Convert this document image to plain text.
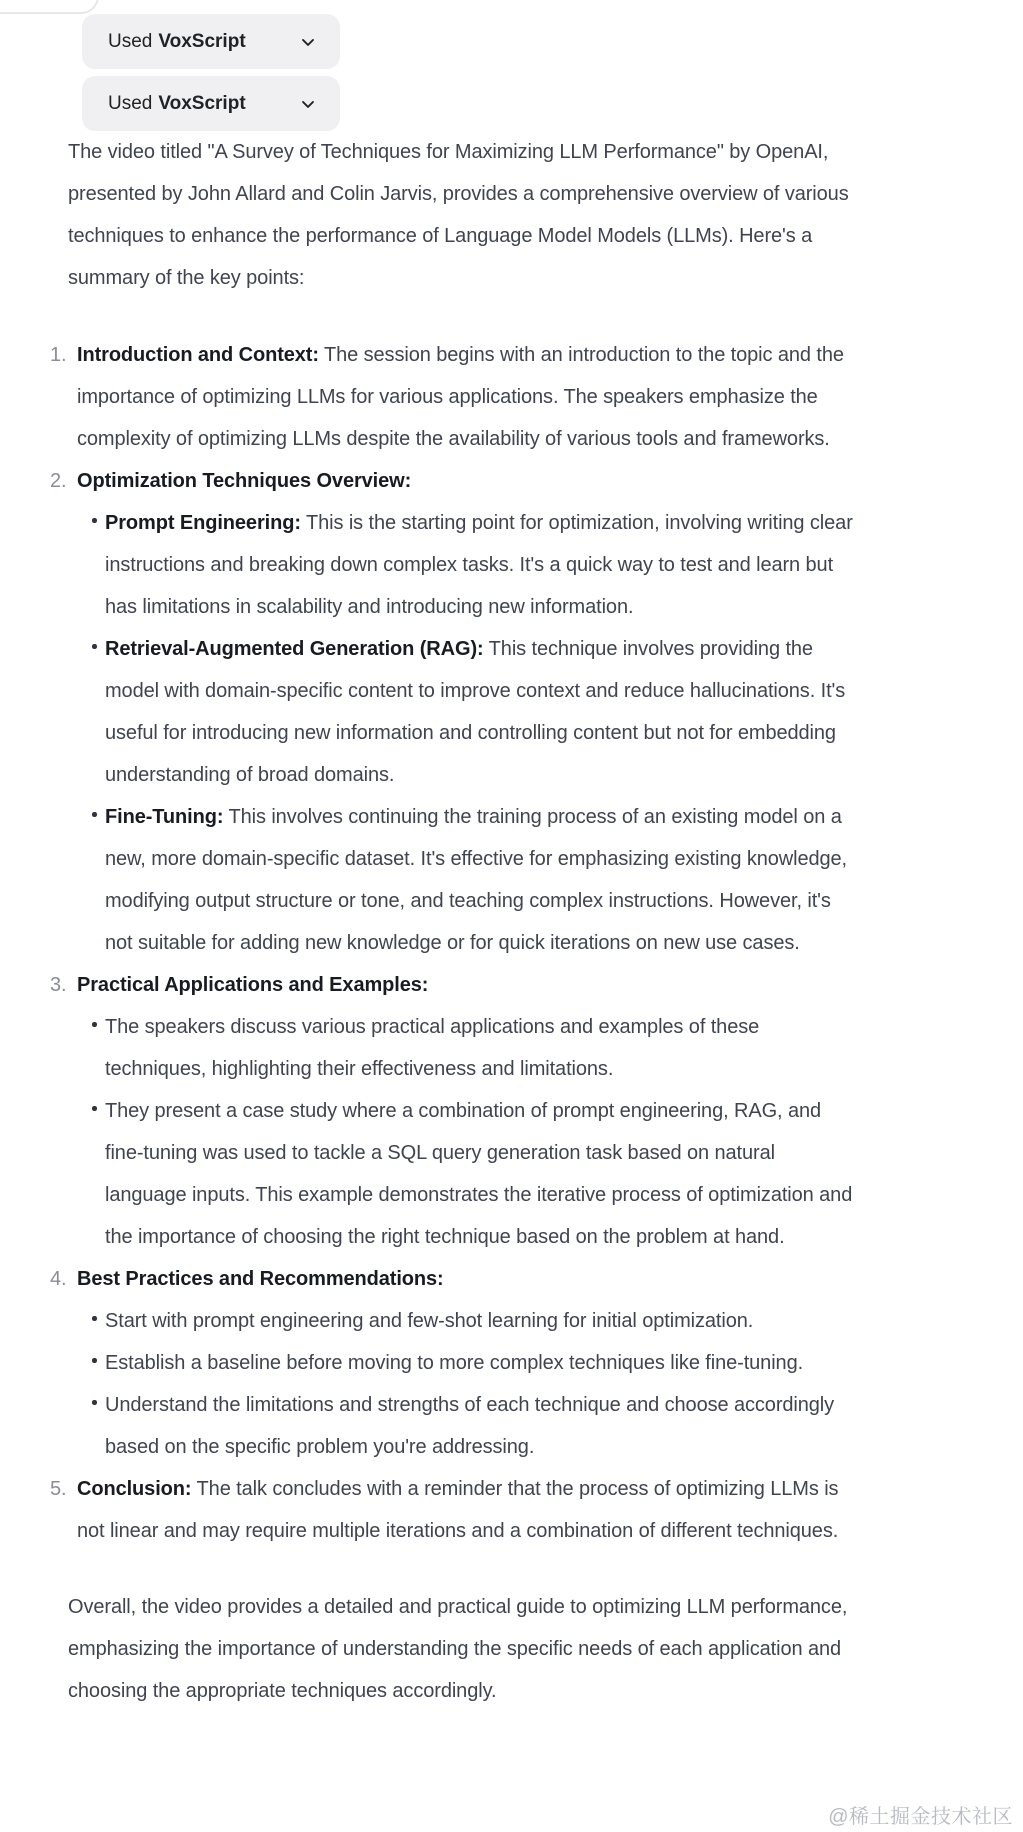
Used VoxScript
Used VoxScript

The video titled "A Survey of Techniques for Maximizing LLM Performance" by OpenAI, presented by John Allard and Colin Jarvis, provides a comprehensive overview of various techniques to enhance the performance of Language Model Models (LLMs). Here's a summary of the key points:

1. Introduction and Context: The session begins with an introduction to the topic and the importance of optimizing LLMs for various applications. The speakers emphasize the complexity of optimizing LLMs despite the availability of various tools and frameworks.
2. Optimization Techniques Overview:
Prompt Engineering: This is the starting point for optimization, involving writing clear instructions and breaking down complex tasks. It's a quick way to test and learn but has limitations in scalability and introducing new information.
Retrieval-Augmented Generation (RAG): This technique involves providing the model with domain-specific content to improve context and reduce hallucinations. It's useful for introducing new information and controlling content but not for embedding understanding of broad domains.
Fine-Tuning: This involves continuing the training process of an existing model on a new, more domain-specific dataset. It's effective for emphasizing existing knowledge, modifying output structure or tone, and teaching complex instructions. However, it's not suitable for adding new knowledge or for quick iterations on new use cases.
3. Practical Applications and Examples:
The speakers discuss various practical applications and examples of these techniques, highlighting their effectiveness and limitations.
They present a case study where a combination of prompt engineering, RAG, and fine-tuning was used to tackle a SQL query generation task based on natural language inputs. This example demonstrates the iterative process of optimization and the importance of choosing the right technique based on the problem at hand.
4. Best Practices and Recommendations:
Start with prompt engineering and few-shot learning for initial optimization.
Establish a baseline before moving to more complex techniques like fine-tuning.
Understand the limitations and strengths of each technique and choose accordingly based on the specific problem you're addressing.
5. Conclusion: The talk concludes with a reminder that the process of optimizing LLMs is not linear and may require multiple iterations and a combination of different techniques.

Overall, the video provides a detailed and practical guide to optimizing LLM performance, emphasizing the importance of understanding the specific needs of each application and choosing the appropriate techniques accordingly.

@稀土掘金技术社区
